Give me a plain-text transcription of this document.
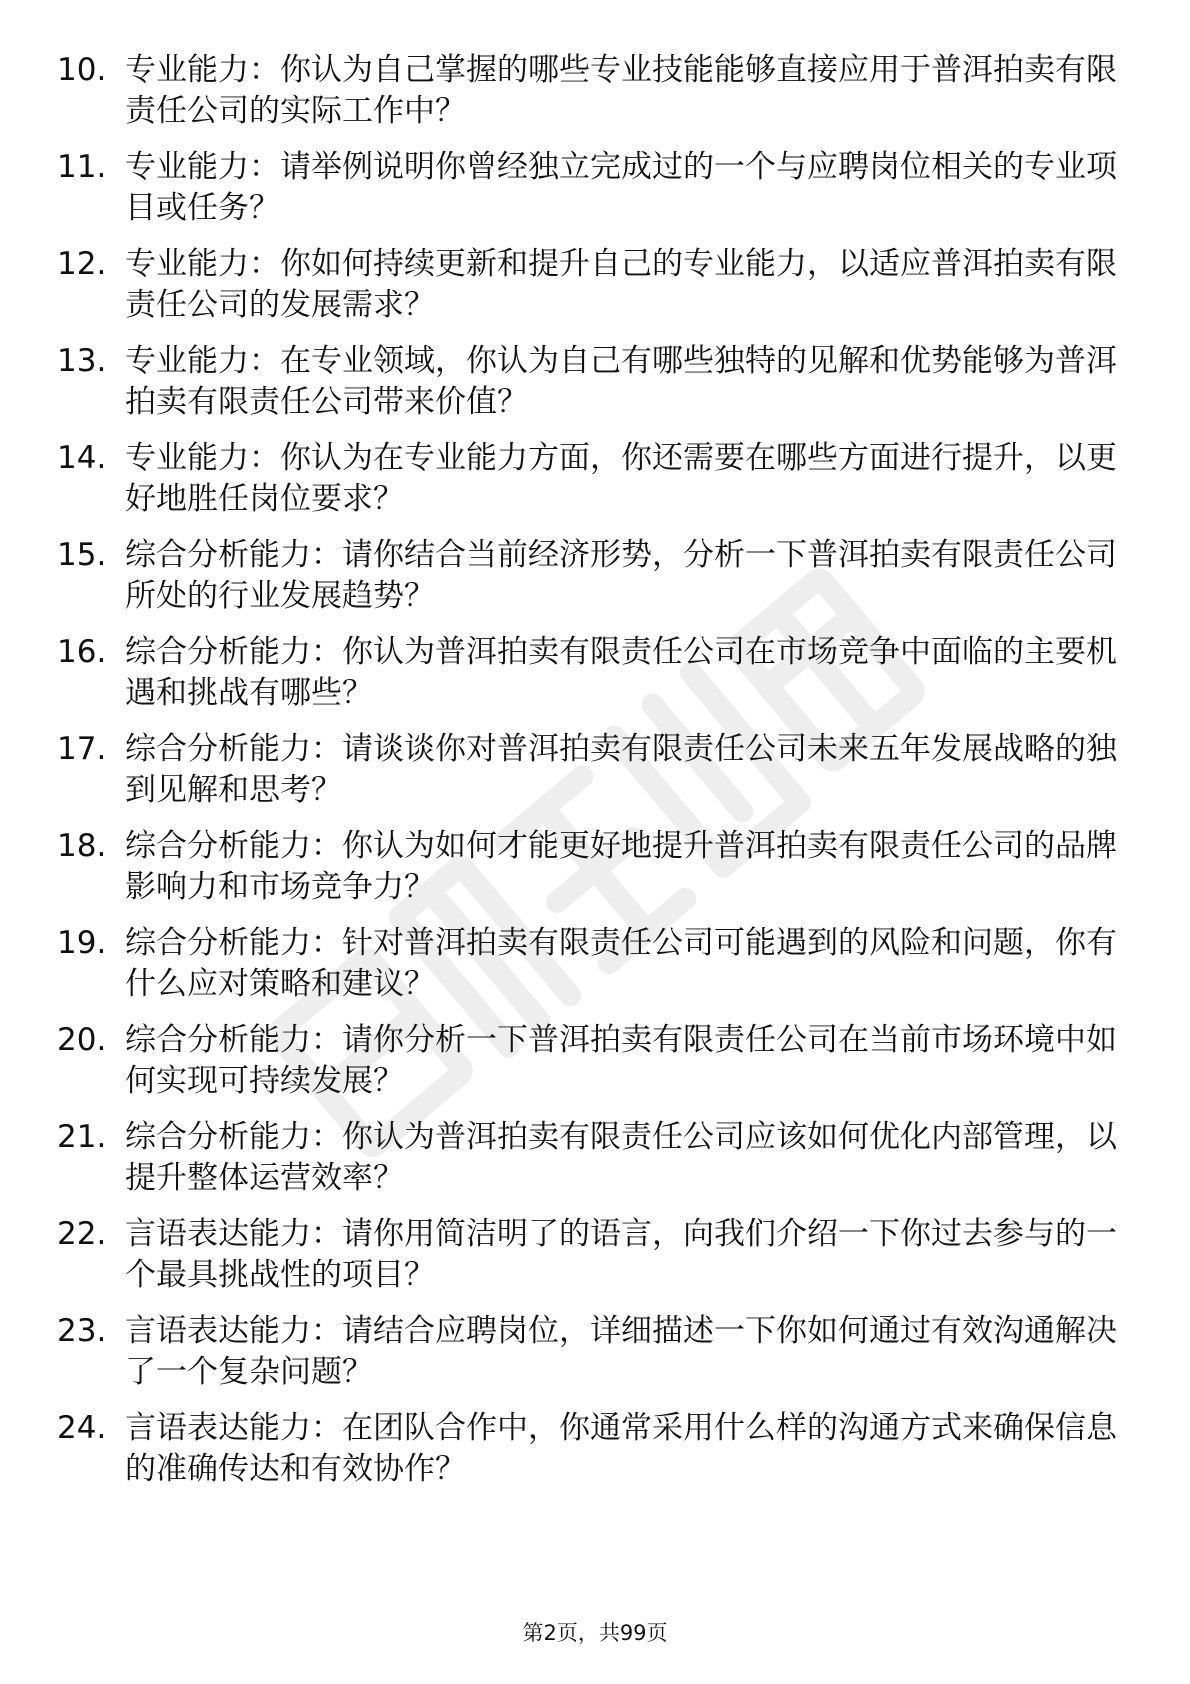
10. 专业能力：你认为自己掌握的哪些专业技能能够直接应用于普洱拍卖有限责任公司的实际工作中？
11. 专业能力：请举例说明你曾经独立完成过的一个与应聘岗位相关的专业项目或任务？
12. 专业能力：你如何持续更新和提升自己的专业能力，以适应普洱拍卖有限责任公司的发展需求？
13. 专业能力：在专业领域，你认为自己有哪些独特的见解和优势能够为普洱拍卖有限责任公司带来价值？
14. 专业能力：你认为在专业能力方面，你还需要在哪些方面进行提升，以更好地胜任岗位要求？
15. 综合分析能力：请你结合当前经济形势，分析一下普洱拍卖有限责任公司所处的行业发展趋势？
16. 综合分析能力：你认为普洱拍卖有限责任公司在市场竞争中面临的主要机遇和挑战有哪些？
17. 综合分析能力：请谈谈你对普洱拍卖有限责任公司未来五年发展战略的独到见解和思考？
18. 综合分析能力：你认为如何才能更好地提升普洱拍卖有限责任公司的品牌影响力和市场竞争力？
19. 综合分析能力：针对普洱拍卖有限责任公司可能遇到的风险和问题，你有什么应对策略和建议？
20. 综合分析能力：请你分析一下普洱拍卖有限责任公司在当前市场环境中如何实现可持续发展？
21. 综合分析能力：你认为普洱拍卖有限责任公司应该如何优化内部管理，以提升整体运营效率？
22. 言语表达能力：请你用简洁明了的语言，向我们介绍一下你过去参与的一个最具挑战性的项目？
23. 言语表达能力：请结合应聘岗位，详细描述一下你如何通过有效沟通解决了一个复杂问题？
24. 言语表达能力：在团队合作中，你通常采用什么样的沟通方式来确保信息的准确传达和有效协作？
第2页，共99页
